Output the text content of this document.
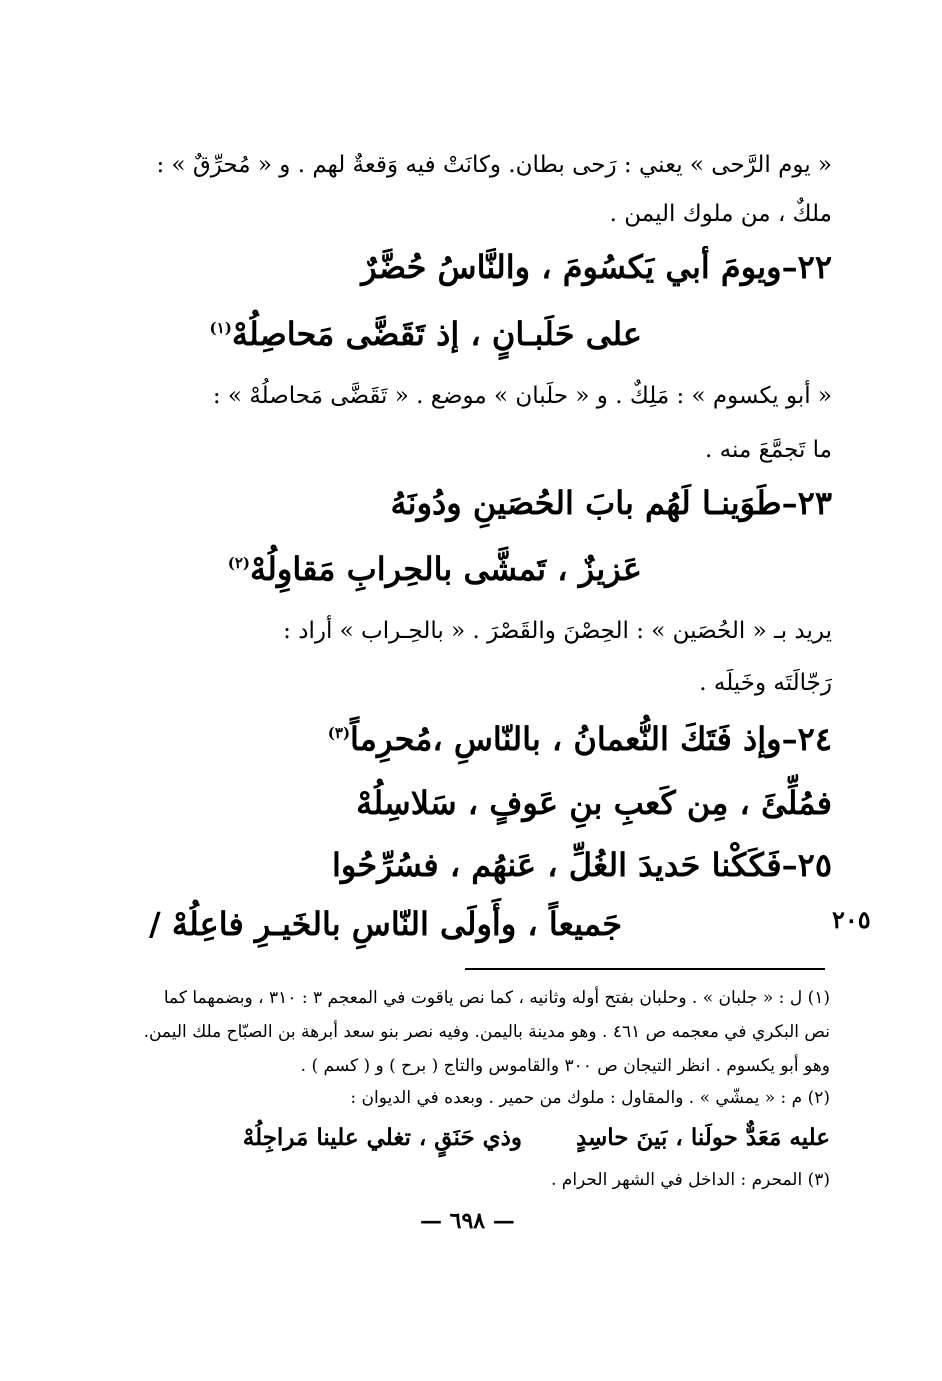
« يوم الرَّحى » يعني : رَحى بطان. وكانَتْ فيه وَقعةٌ لهم . و « مُحرِّقٌ » :
ملكٌ ، من ملوك اليمن .
٢٢–ويومَ أبي يَكسُومَ ، والنَّاسُ حُضَّرٌ
على حَلَبـانٍ ، إذ تَقَضَّى مَحاصِلُهْ$^{(١)}$
« أبو يكسوم » : مَلِكٌ . و « حلَبان » موضع . « تَقَضَّى مَحاصلُهْ » :
ما تَجمَّعَ منه .
٢٣–طَوَينـا لَهُم بابَ الحُصَينِ ودُونَهُ
عَزيزٌ ، تَمشَّى بالحِرابِ مَقاوِلُهْ$^{(٢)}$
يريد بـ « الحُصَين » : الحِصْنَ والقَصْرَ . « بالحِـراب » أراد :
رَجّالَتَه وخَيلَه .
٢٤–وإذ فَتَكَ النُّعمانُ ، بالنّاسِ ،مُحرِماً$^{(٣)}$
فمُلِّئَ ، مِن كَعبِ بنِ عَوفٍ ، سَلاسِلُهْ
٢٥–فَكَكْنا حَديدَ الغُلِّ ، عَنهُم ، فسُرِّحُوا
جَميعاً ، وأَولَى النّاسِ بالخَيـرِ فاعِلُهْ /	٢٠٥
(١) ل : « جلبان » . وحلبان بفتح أوله وثانيه ، كما نص ياقوت في المعجم ٣ : ٣١٠ ، وبضمهما كما
نص البكري في معجمه ص ٤٦١ . وهو مدينة باليمن. وفيه نصر بنو سعد أبرهة بن الصبّاح ملك اليمن.
وهو أبو يكسوم . انظر التيجان ص ٣٠٠ والقاموس والتاج ( برح ) و ( كسم ) .
(٢) م : « يمشّي » . والمقاول : ملوك من حمير . وبعده في الديوان :
عليه مَعَدٌّ حولَنا ، بَينَ حاسِدٍ
وذي حَنَقٍ ، تغلي علينا مَراجِلُهْ
(٣) المحرم : الداخل في الشهر الحرام .
— ٦٩٨ —
